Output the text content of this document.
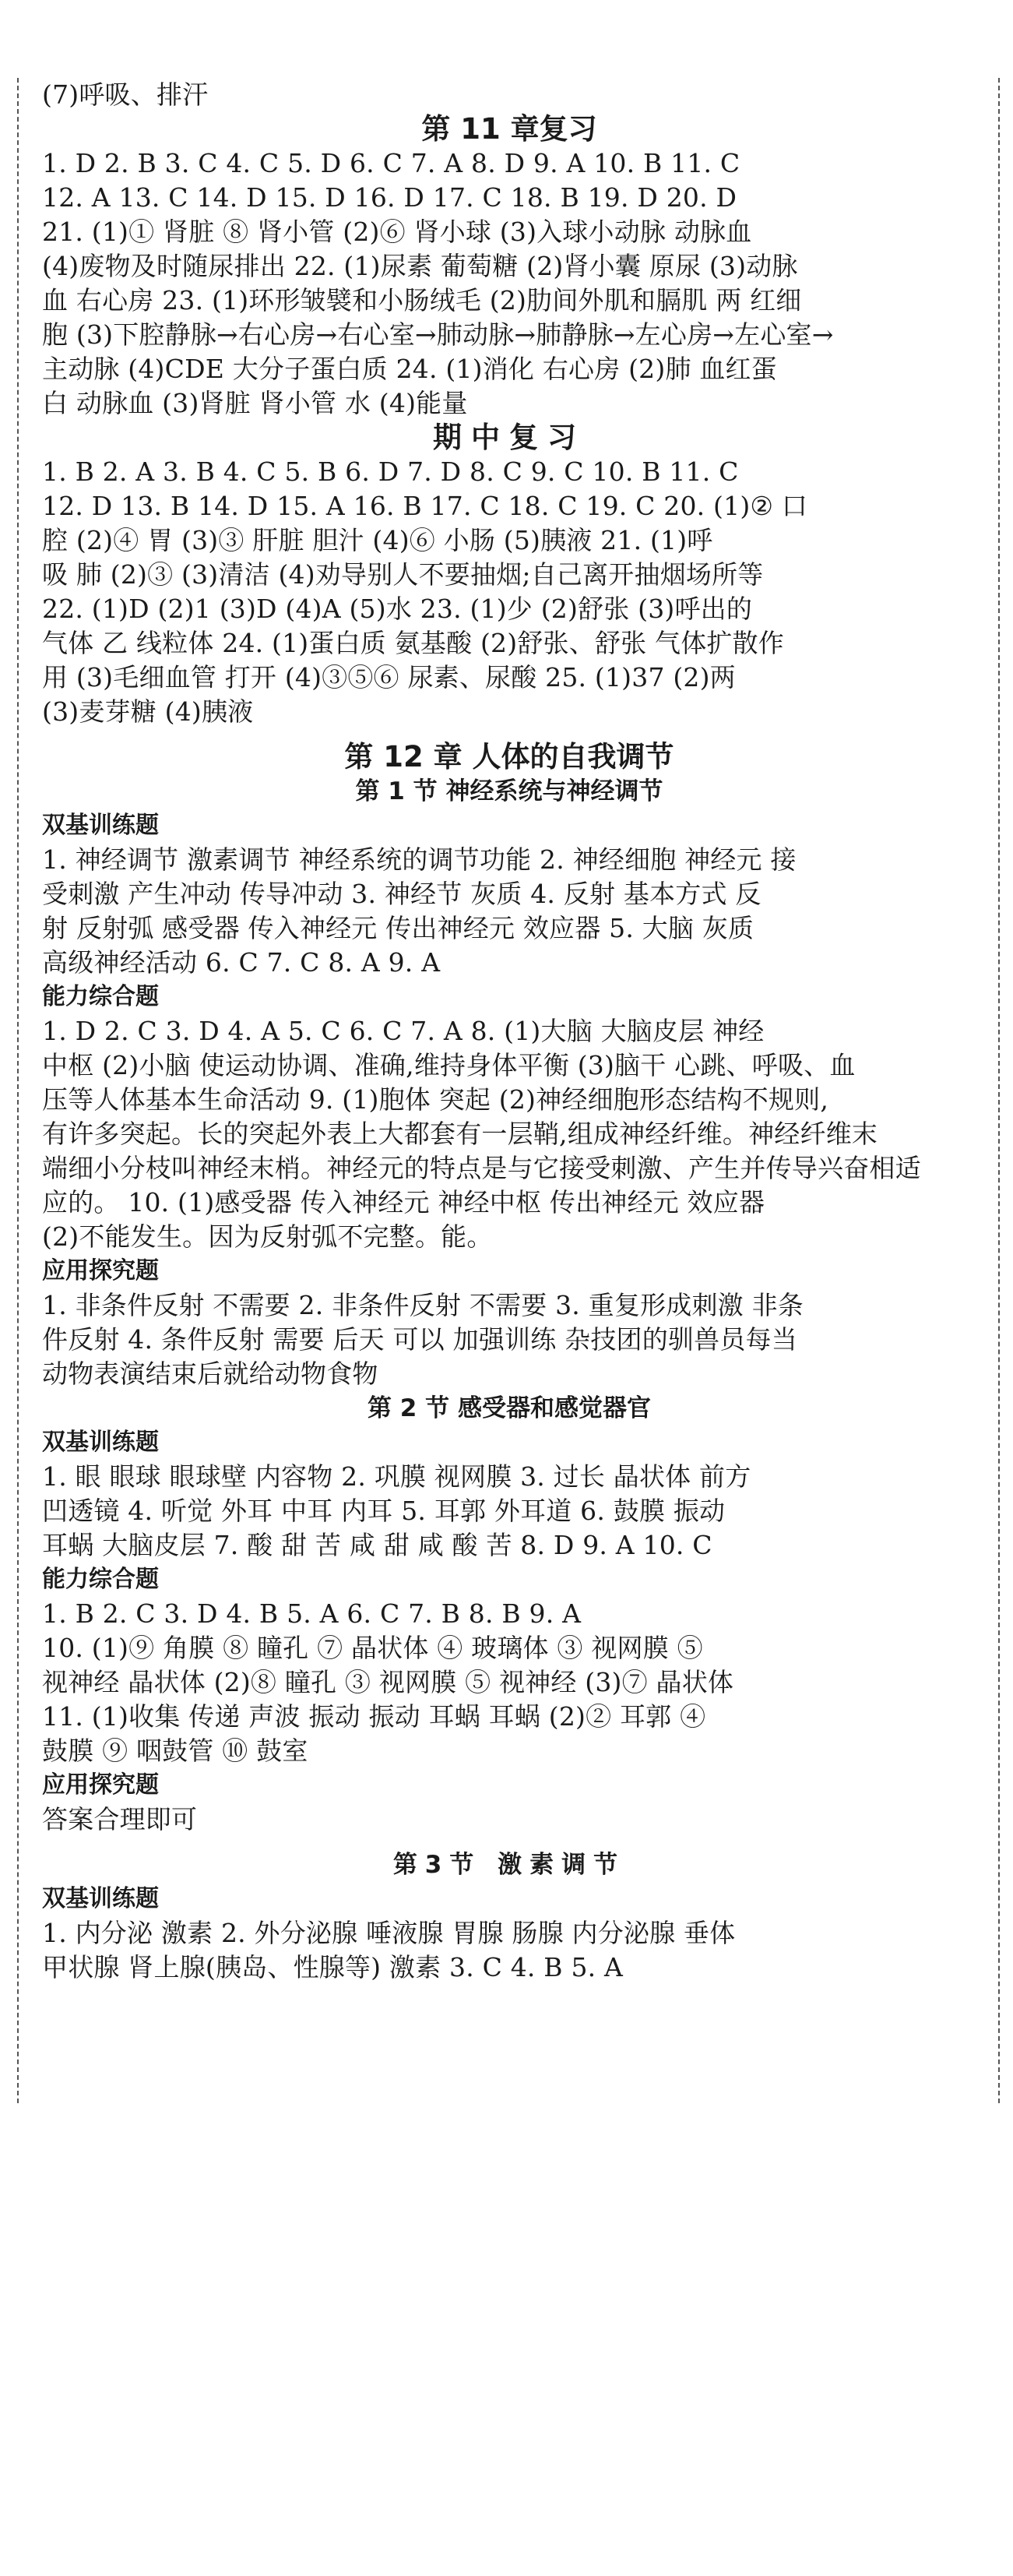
(7)呼吸、排汗
第 11 章复习
1. D 2. B 3. C 4. C 5. D 6. C 7. A 8. D 9. A 10. B 11. C
12. A 13. C 14. D 15. D 16. D 17. C 18. B 19. D 20. D
21. (1)① 肾脏 ⑧ 肾小管 (2)⑥ 肾小球 (3)入球小动脉 动脉血
(4)废物及时随尿排出 22. (1)尿素 葡萄糖 (2)肾小囊 原尿 (3)动脉
血 右心房 23. (1)环形皱襞和小肠绒毛 (2)肋间外肌和膈肌 两 红细
胞 (3)下腔静脉→右心房→右心室→肺动脉→肺静脉→左心房→左心室→
主动脉 (4)CDE 大分子蛋白质 24. (1)消化 右心房 (2)肺 血红蛋
白 动脉血 (3)肾脏 肾小管 水 (4)能量
期中复习
1. B 2. A 3. B 4. C 5. B 6. D 7. D 8. C 9. C 10. B 11. C
12. D 13. B 14. D 15. A 16. B 17. C 18. C 19. C 20. (1)② 口
腔 (2)④ 胃 (3)③ 肝脏 胆汁 (4)⑥ 小肠 (5)胰液 21. (1)呼
吸 肺 (2)③ (3)清洁 (4)劝导别人不要抽烟;自己离开抽烟场所等
22. (1)D (2)1 (3)D (4)A (5)水 23. (1)少 (2)舒张 (3)呼出的
气体 乙 线粒体 24. (1)蛋白质 氨基酸 (2)舒张、舒张 气体扩散作
用 (3)毛细血管 打开 (4)③⑤⑥ 尿素、尿酸 25. (1)37 (2)两
(3)麦芽糖 (4)胰液
第 12 章 人体的自我调节
第 1 节 神经系统与神经调节
双基训练题
1. 神经调节 激素调节 神经系统的调节功能 2. 神经细胞 神经元 接
受刺激 产生冲动 传导冲动 3. 神经节 灰质 4. 反射 基本方式 反
射 反射弧 感受器 传入神经元 传出神经元 效应器 5. 大脑 灰质
高级神经活动 6. C 7. C 8. A 9. A
能力综合题
1. D 2. C 3. D 4. A 5. C 6. C 7. A 8. (1)大脑 大脑皮层 神经
中枢 (2)小脑 使运动协调、准确,维持身体平衡 (3)脑干 心跳、呼吸、血
压等人体基本生命活动 9. (1)胞体 突起 (2)神经细胞形态结构不规则,
有许多突起。长的突起外表上大都套有一层鞘,组成神经纤维。神经纤维末
端细小分枝叫神经末梢。神经元的特点是与它接受刺激、产生并传导兴奋相适
应的。 10. (1)感受器 传入神经元 神经中枢 传出神经元 效应器
(2)不能发生。因为反射弧不完整。能。
应用探究题
1. 非条件反射 不需要 2. 非条件反射 不需要 3. 重复形成刺激 非条
件反射 4. 条件反射 需要 后天 可以 加强训练 杂技团的驯兽员每当
动物表演结束后就给动物食物
第 2 节 感受器和感觉器官
双基训练题
1. 眼 眼球 眼球壁 内容物 2. 巩膜 视网膜 3. 过长 晶状体 前方
凹透镜 4. 听觉 外耳 中耳 内耳 5. 耳郭 外耳道 6. 鼓膜 振动
耳蜗 大脑皮层 7. 酸 甜 苦 咸 甜 咸 酸 苦 8. D 9. A 10. C
能力综合题
1. B 2. C 3. D 4. B 5. A 6. C 7. B 8. B 9. A
10. (1)⑨ 角膜 ⑧ 瞳孔 ⑦ 晶状体 ④ 玻璃体 ③ 视网膜 ⑤
视神经 晶状体 (2)⑧ 瞳孔 ③ 视网膜 ⑤ 视神经 (3)⑦ 晶状体
11. (1)收集 传递 声波 振动 振动 耳蜗 耳蜗 (2)② 耳郭 ④
鼓膜 ⑨ 咽鼓管 ⑩ 鼓室
应用探究题
答案合理即可
第3节 激素调节
双基训练题
1. 内分泌 激素 2. 外分泌腺 唾液腺 胃腺 肠腺 内分泌腺 垂体
甲状腺 肾上腺(胰岛、性腺等) 激素 3. C 4. B 5. A
